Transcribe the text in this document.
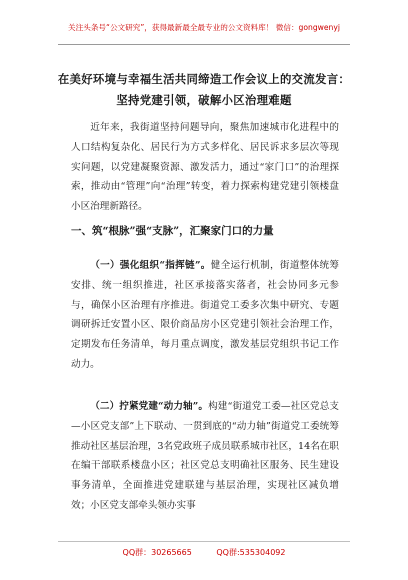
关注头条号“公文研究”，获得最新最全最专业的公文资料库！ 微信：gongwenyj
在美好环境与幸福生活共同缔造工作会议上的交流发言：
坚持党建引领，破解小区治理难题
近年来，我街道坚持问题导向，聚焦加速城市化进程中的人口结构复杂化、居民行为方式多样化、居民诉求多层次等现实问题，以党建凝聚资源、激发活力，通过“家门口”的治理探索，推动由“管理”向“治理”转变，着力探索构建党建引领楼盘小区治理新路径。
一、筑“根脉”强“支脉”，汇聚家门口的力量
（一）强化组织“指挥链”。健全运行机制，街道整体统筹安排、统一组织推进，社区承接落实落者，社会协同多元参与，确保小区治理有序推进。街道党工委多次集中研究、专题调研拆迁安置小区、限价商品房小区党建引领社会治理工作，定期发布任务清单，每月重点调度，激发基层党组织书记工作动力。
（二）拧紧党建“动力轴”。构建“街道党工委—社区党总支—小区党支部”上下联动、一贯到底的“动力轴”街道党工委统筹推动社区基层治理，3名党政班子成员联系城市社区，14名在职在编干部联系楼盘小区；社区党总支明确社区服务、民生建设事务清单，全面推进党建联建与基层治理，实现社区减负增效；小区党支部牵头领办实事
QQ群：30265665	QQ群:535304092
